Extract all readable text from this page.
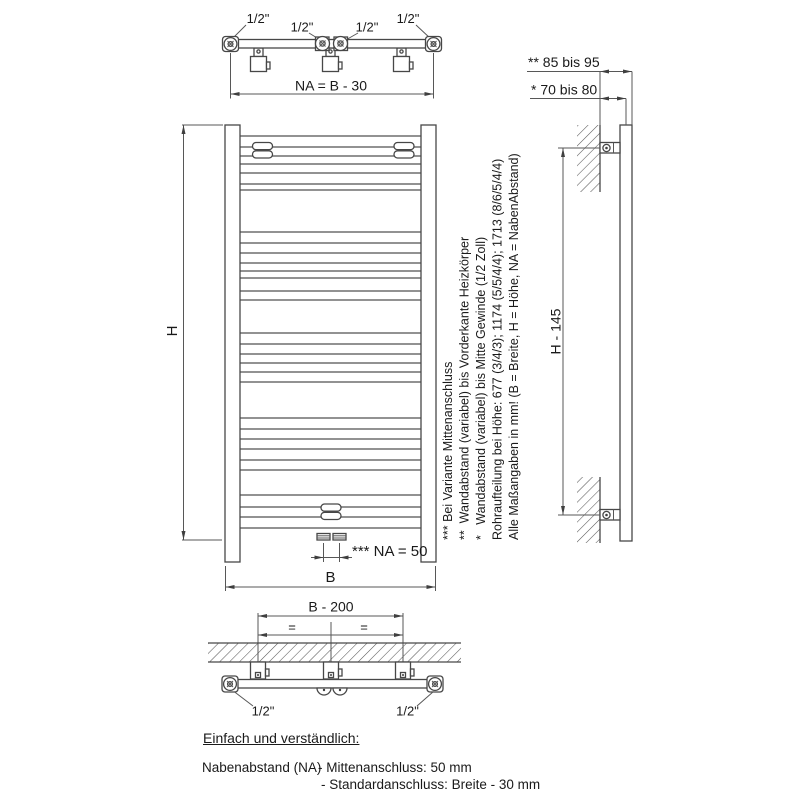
1/2"
1/2"	1/2"
1/2"
NA = B - 30
H
*** NA = 50
B
Alle Maßangaben in mm! (B = Breite, H = Höhe, NA = NabenAbstand)
Rohraufteilung bei Höhe: 677 (3/4/3); 1174 (5/5/4/4); 1713 (8/6/5/4/4)
*   Wandabstand (variabel) bis Mitte Gewinde (1/2 Zoll)
**  Wandabstand (variabel) bis Vorderkante Heizkörper
*** Bei Variante Mittenanschluss
** 85 bis 95
* 70 bis 80
H - 145
B - 200
=	=
1/2"	1/2"
Einfach und verständlich:
Nabenabstand (NA)
- Mittenanschluss: 50 mm
- Standardanschluss: Breite - 30 mm
